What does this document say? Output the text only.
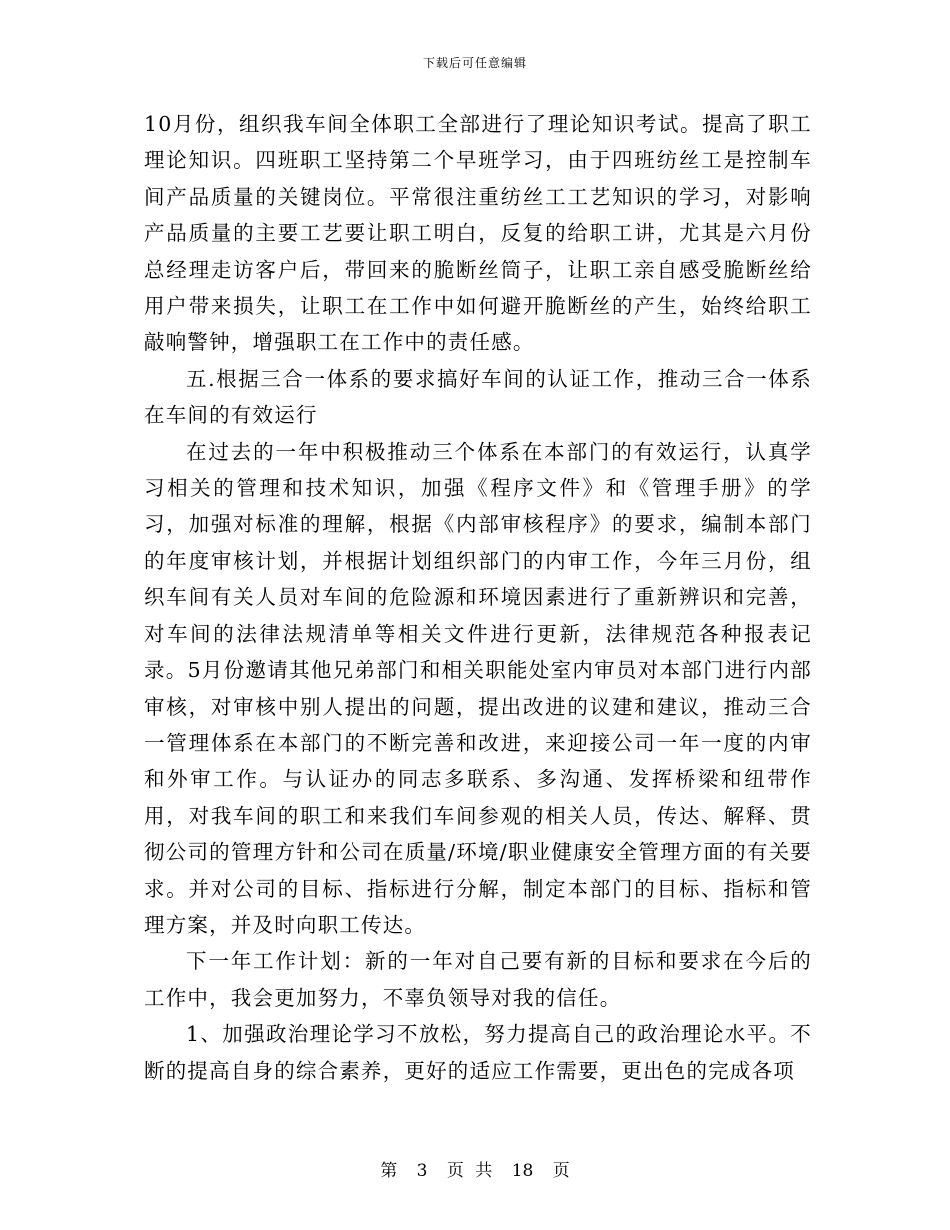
下载后可任意编辑

10月份，组织我车间全体职工全部进行了理论知识考试。提高了职工理论知识。四班职工坚持第二个早班学习，由于四班纺丝工是控制车间产品质量的关键岗位。平常很注重纺丝工工艺知识的学习，对影响产品质量的主要工艺要让职工明白，反复的给职工讲，尤其是六月份总经理走访客户后，带回来的脆断丝筒子，让职工亲自感受脆断丝给用户带来损失，让职工在工作中如何避开脆断丝的产生，始终给职工敲响警钟，增强职工在工作中的责任感。

五.根据三合一体系的要求搞好车间的认证工作，推动三合一体系在车间的有效运行

在过去的一年中积极推动三个体系在本部门的有效运行，认真学习相关的管理和技术知识，加强《程序文件》和《管理手册》的学习，加强对标准的理解，根据《内部审核程序》的要求，编制本部门的年度审核计划，并根据计划组织部门的内审工作，今年三月份，组织车间有关人员对车间的危险源和环境因素进行了重新辨识和完善，对车间的法律法规清单等相关文件进行更新，法律规范各种报表记录。5月份邀请其他兄弟部门和相关职能处室内审员对本部门进行内部审核，对审核中别人提出的问题，提出改进的议建和建议，推动三合一管理体系在本部门的不断完善和改进，来迎接公司一年一度的内审和外审工作。与认证办的同志多联系、多沟通、发挥桥梁和纽带作用，对我车间的职工和来我们车间参观的相关人员，传达、解释、贯彻公司的管理方针和公司在质量/环境/职业健康安全管理方面的有关要求。并对公司的目标、指标进行分解，制定本部门的目标、指标和管理方案，并及时向职工传达。

下一年工作计划：新的一年对自己要有新的目标和要求在今后的工作中，我会更加努力，不辜负领导对我的信任。

1、加强政治理论学习不放松，努力提高自己的政治理论水平。不断的提高自身的综合素养，更好的适应工作需要，更出色的完成各项

第 3 页 共 18 页
